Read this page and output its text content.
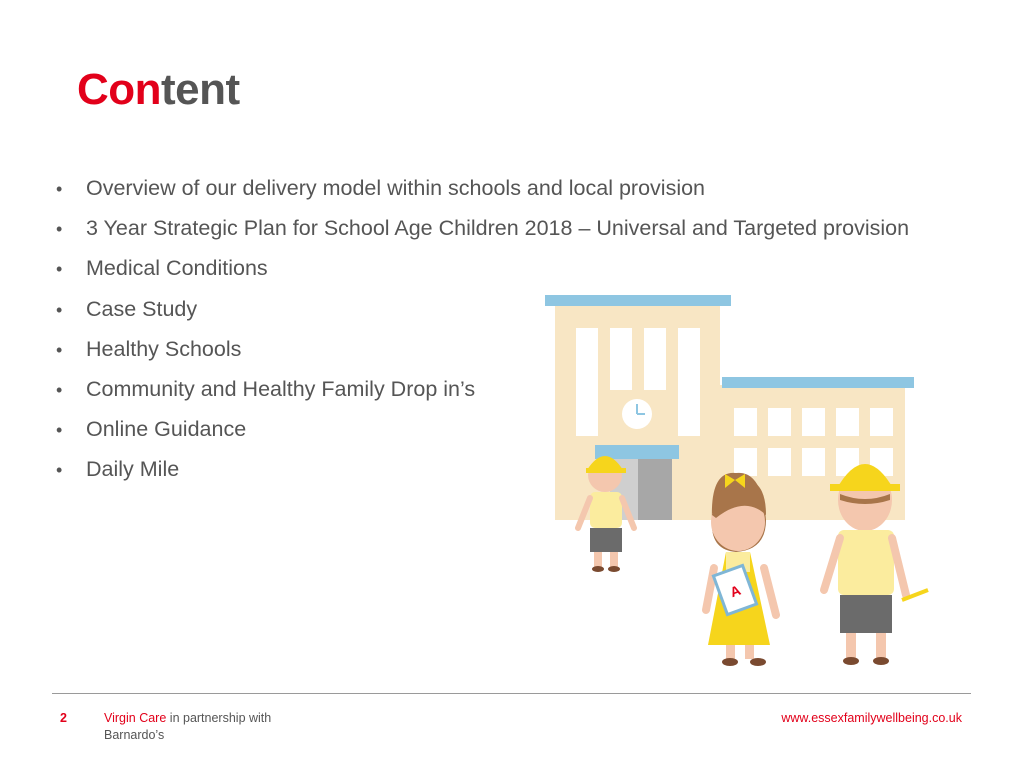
Content
• Overview of our delivery model within schools and local provision
• 3 Year Strategic Plan for School Age Children 2018 – Universal and Targeted provision
• Medical Conditions
• Case Study
• Healthy Schools
• Community and Healthy Family Drop in’s
• Online Guidance
• Daily Mile
A
2	Virgin Care in partnership with
Barnardo’s
www.essexfamilywellbeing.co.uk
